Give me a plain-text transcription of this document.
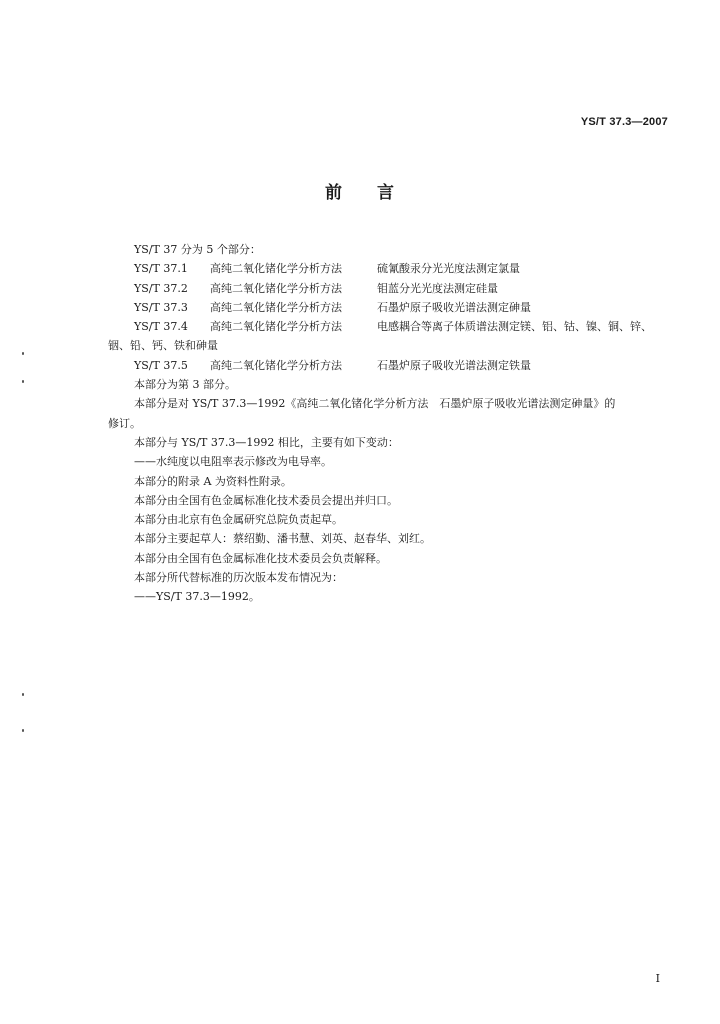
YS/T 37.3—2007
前 言
YS/T 37 分为 5 个部分：
YS/T 37.1 高纯二氧化锗化学分析方法	硫氰酸汞分光光度法测定氯量
YS/T 37.2 高纯二氧化锗化学分析方法	钼蓝分光光度法测定硅量
YS/T 37.3 高纯二氧化锗化学分析方法	石墨炉原子吸收光谱法测定砷量
YS/T 37.4 高纯二氧化锗化学分析方法	电感耦合等离子体质谱法测定镁、铝、钴、镍、铜、锌、
铟、铅、钙、铁和砷量
YS/T 37.5 高纯二氧化锗化学分析方法	石墨炉原子吸收光谱法测定铁量
本部分为第 3 部分。
本部分是对 YS/T 37.3—1992《高纯二氧化锗化学分析方法　石墨炉原子吸收光谱法测定砷量》的
修订。
本部分与 YS/T 37.3—1992 相比，主要有如下变动：
——水纯度以电阻率表示修改为电导率。
本部分的附录 A 为资料性附录。
本部分由全国有色金属标准化技术委员会提出并归口。
本部分由北京有色金属研究总院负责起草。
本部分主要起草人：蔡绍勤、潘书慧、刘英、赵春华、刘红。
本部分由全国有色金属标准化技术委员会负责解释。
本部分所代替标准的历次版本发布情况为：
——YS/T 37.3—1992。
I
